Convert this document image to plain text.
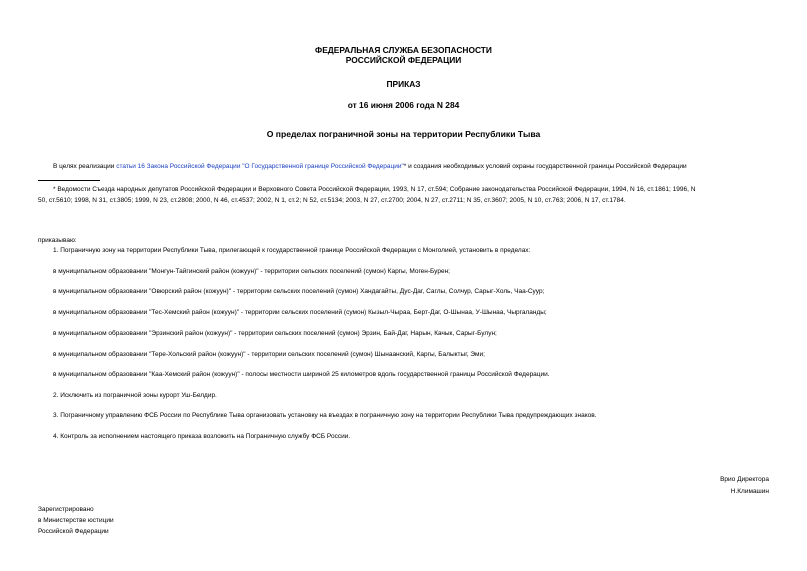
ФЕДЕРАЛЬНАЯ СЛУЖБА БЕЗОПАСНОСТИ
РОССИЙСКОЙ ФЕДЕРАЦИИ
ПРИКАЗ
от 16 июня 2006 года N 284
О пределах пограничной зоны на территории Республики Тыва
В целях реализации статьи 16 Закона Российской Федерации "О Государственной границе Российской Федерации"* и создания необходимых условий охраны государственной границы Российской Федерации
* Ведомости Съезда народных депутатов Российской Федерации и Верховного Совета Российской Федерации, 1993, N 17, ст.594; Собрание законодательства Российской Федерации, 1994, N 16, ст.1861; 1996, N
50, ст.5610; 1998, N 31, ст.3805; 1999, N 23, ст.2808; 2000, N 46, ст.4537; 2002, N 1, ст.2; N 52, ст.5134; 2003, N 27, ст.2700; 2004, N 27, ст.2711; N 35, ст.3607; 2005, N 10, ст.763; 2006, N 17, ст.1784.
приказываю:
1. Пограничную зону на территории Республики Тыва, прилегающей к государственной границе Российской Федерации с Монголией, установить в пределах:
в муниципальном образовании "Монгун-Тайгинский район (кожуун)" - территории сельских поселений (сумон) Каргы, Моген-Бурен;
в муниципальном образовании "Овюрский район (кожуун)" - территории сельских поселений (сумон) Хандагайты, Дус-Даг, Саглы, Солчур, Сарыг-Холь, Чаа-Суур;
в муниципальном образовании "Тес-Хемский район (кожуун)" - территории сельских поселений (сумон) Кызыл-Чыраа, Берт-Даг, О-Шынаа, У-Шынаа, Чыргаланды;
в муниципальном образовании "Эрзинский район (кожуун)" - территории сельских поселений (сумон) Эрзин, Бай-Даг, Нарын, Качык, Сарыг-Булун;
в муниципальном образовании "Тере-Хольский район (кожуун)" - территории сельских поселений (сумон) Шынаанский, Каргы, Балыктыг, Эми;
в муниципальном образовании "Каа-Хемский район (кожуун)" - полосы местности шириной 25 километров вдоль государственной границы Российской Федерации.
2. Исключить из пограничной зоны курорт Уш-Белдир.
3. Пограничному управлению ФСБ России по Республике Тыва организовать установку на въездах в пограничную зону на территории Республики Тыва предупреждающих знаков.
4. Контроль за исполнением настоящего приказа возложить на Пограничную службу ФСБ России.
Врио Директора
Н.Климашин
Зарегистрировано
в Министерстве юстиции
Российской Федерации
